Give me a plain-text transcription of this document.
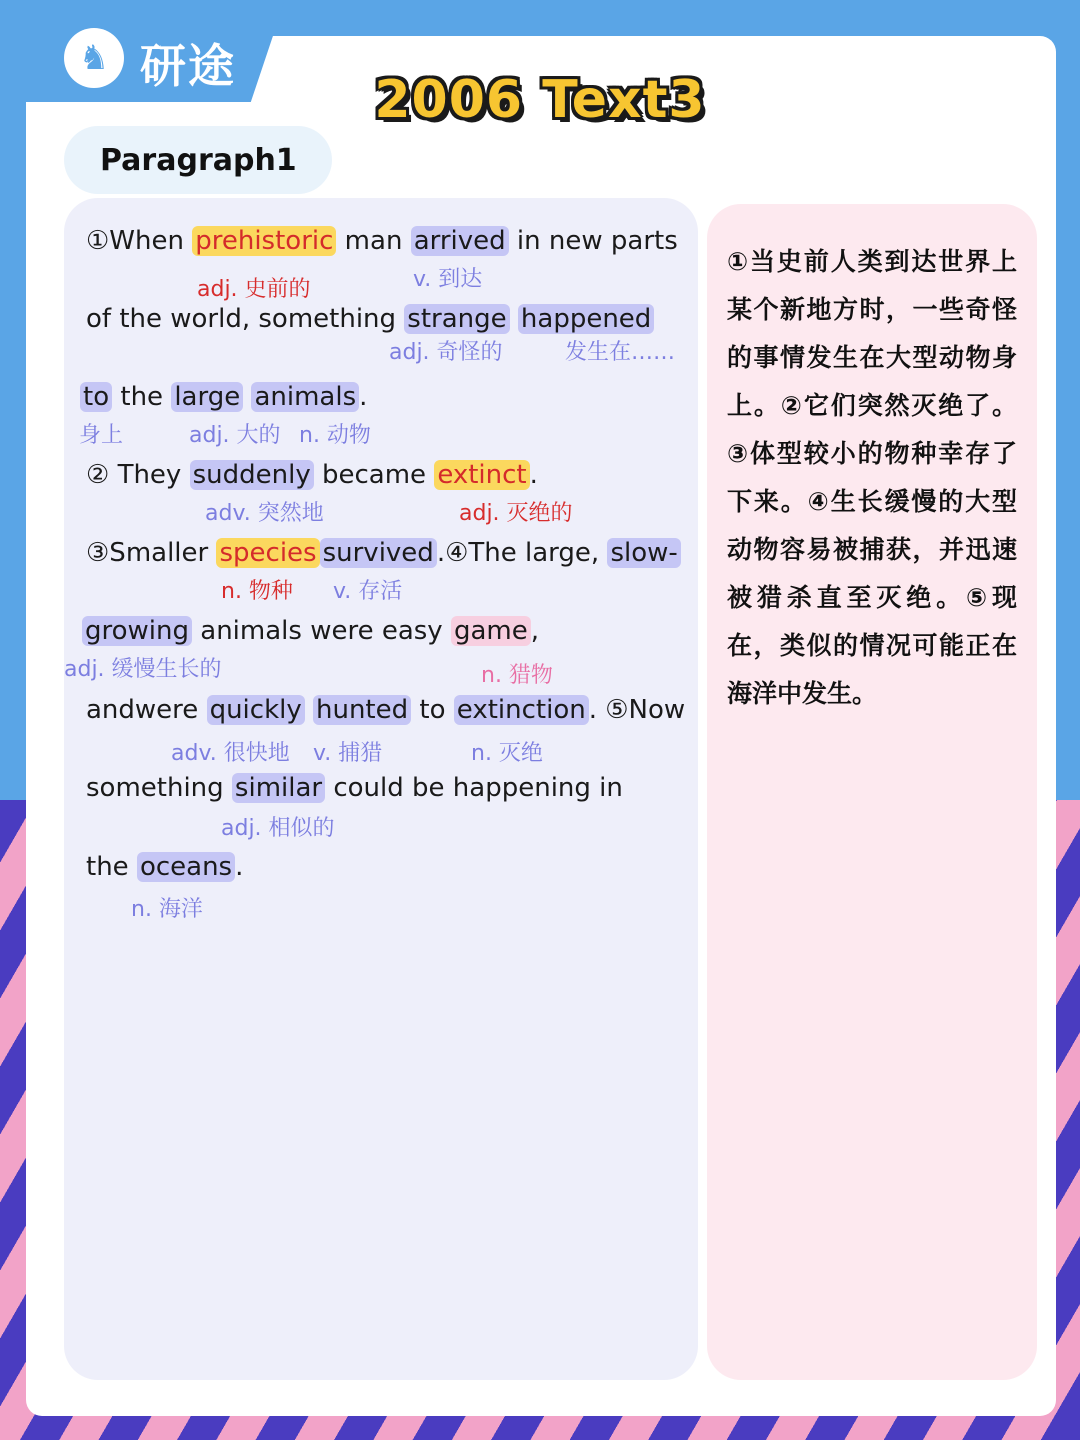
♞ 研途
2006 Text3
Paragraph1
①当史前人类到达世界上某个新地方时，一些奇怪的事情发生在大型动物身上。②它们突然灭绝了。③体型较小的物种幸存了下来。④生长缓慢的大型动物容易被捕获，并迅速被猎杀直至灭绝。⑤现在，类似的情况可能正在海洋中发生。
①When prehistoric man arrived in new parts
adj. 史前的	v. 到达
of the world, something strange happened
adj. 奇怪的	发生在……
to the large animals .
身上	adj. 大的 n. 动物
② They suddenly became extinct .
adv. 突然地	adj. 灭绝的
③Smaller species survived .④The large, slow-
n. 物种 v. 存活
growing animals were easy game ,
adj. 缓慢生长的	n. 猎物
andwere quickly hunted to extinction . ⑤Now
adv. 很快地 v. 捕猎	n. 灭绝
something similar could be happening in
adj. 相似的
the oceans .
n. 海洋
